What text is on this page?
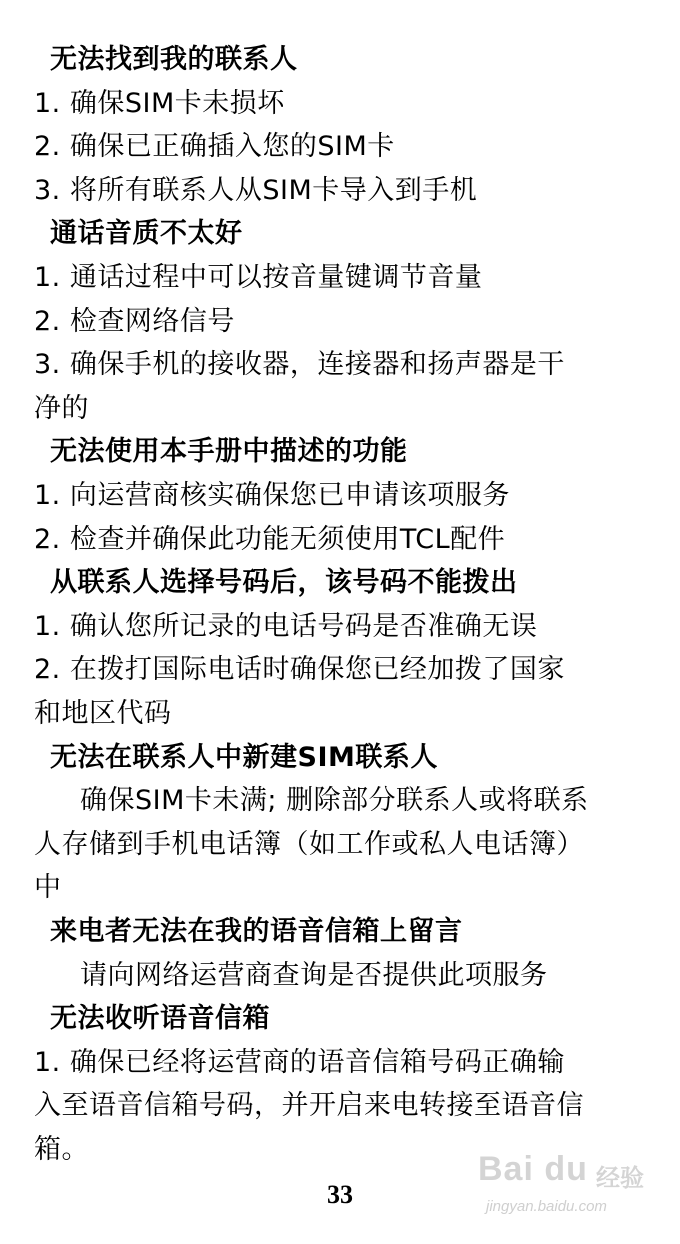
无法找到我的联系人
1. 确保SIM卡未损坏
2. 确保已正确插入您的SIM卡
3. 将所有联系人从SIM卡导入到手机
通话音质不太好
1. 通话过程中可以按音量键调节音量
2. 检查网络信号
3. 确保手机的接收器，连接器和扬声器是干
净的
无法使用本手册中描述的功能
1. 向运营商核实确保您已申请该项服务
2. 检查并确保此功能无须使用TCL配件
从联系人选择号码后，该号码不能拨出
1. 确认您所记录的电话号码是否准确无误
2. 在拨打国际电话时确保您已经加拨了国家
和地区代码
无法在联系人中新建SIM联系人
确保SIM卡未满; 删除部分联系人或将联系
人存储到手机电话簿（如工作或私人电话簿）
中
来电者无法在我的语音信箱上留言
请向网络运营商查询是否提供此项服务
无法收听语音信箱
1. 确保已经将运营商的语音信箱号码正确输
入至语音信箱号码，并开启来电转接至语音信
箱。
33
Bai du 经验
jingyan.baidu.com
